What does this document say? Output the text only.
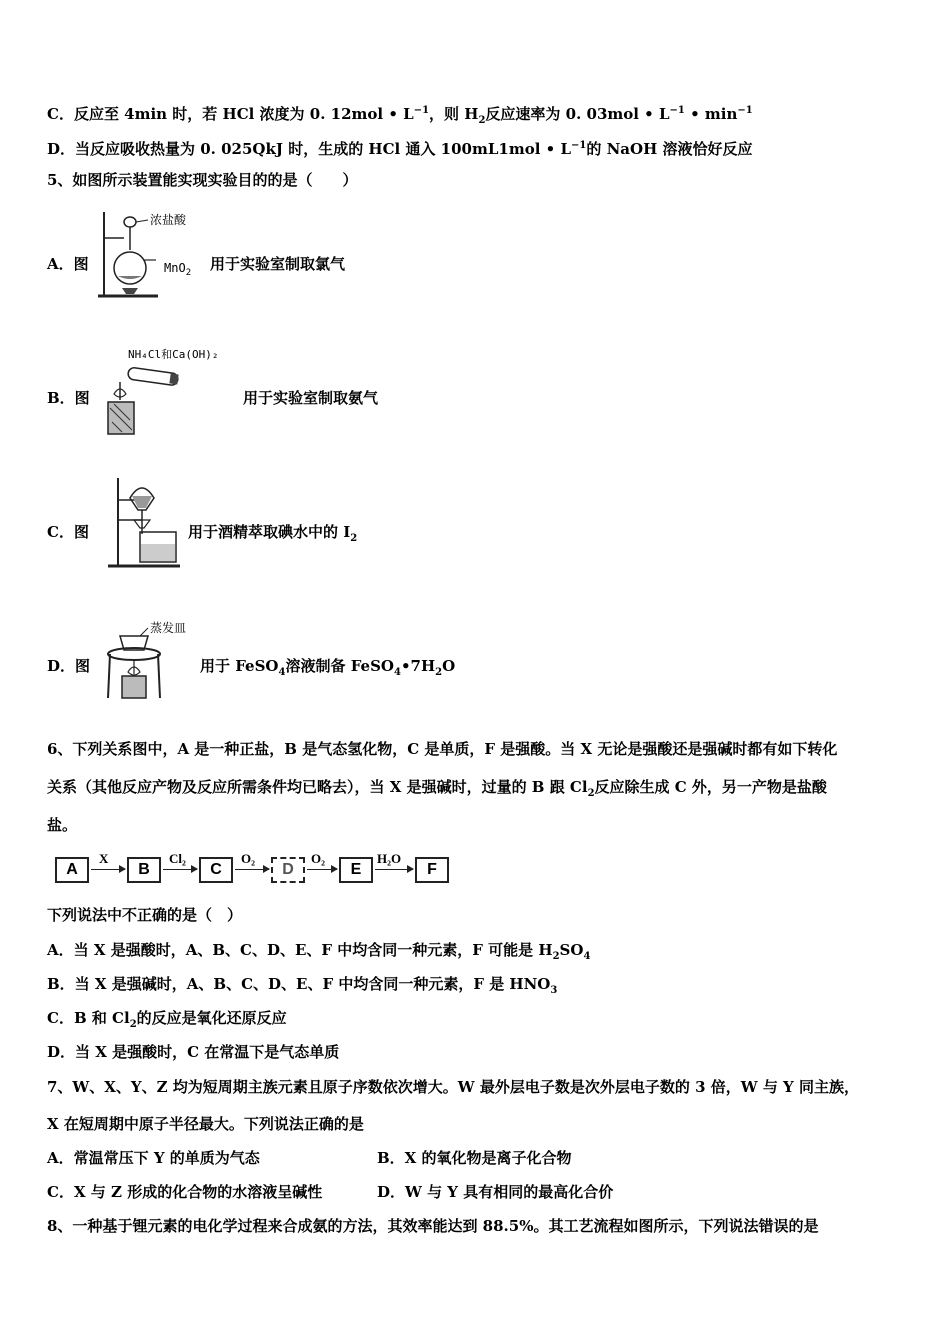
C．反应至 4min 时，若 HCl 浓度为 0. 12mol • $L^{-1}$，则 $H_2$反应速率为 0. 03mol • $L^{-1}$ • $\min^{-1}$
D．当反应吸收热量为 0. 025QkJ 时，生成的 HCl 通入 100mL1mol • $L^{-1}$的 NaOH 溶液恰好反应
5、如图所示装置能实现实验目的的是（　　）
A．图
浓盐酸
MnO$_2$ 用于实验室制取氯气
B．图
NH₄Cl和Ca(OH)₂
用于实验室制取氨气
C．图	用于酒精萃取碘水中的 $I_2$
D．图
蒸发皿
用于 FeSO$_4$溶液制备 $FeSO_4•7H_2O$
6、下列关系图中，A 是一种正盐，B 是气态氢化物，C 是单质，F 是强酸。当 X 无论是强酸还是强碱时都有如下转化
关系（其他反应产物及反应所需条件均已略去），当 X 是强碱时，过量的 B 跟 $Cl_2$反应除生成 C 外，另一产物是盐酸
盐。
A
X
B
Cl₂
C
O₂
D
O₂
E
H₂O
F
下列说法中不正确的是（　）
A．当 X 是强酸时，A、B、C、D、E、F 中均含同一种元素，F 可能是 $H_2SO_4$
B．当 X 是强碱时，A、B、C、D、E、F 中均含同一种元素，F 是 $HNO_3$
C．B 和 $Cl_2$的反应是氧化还原反应
D．当 X 是强酸时，C 在常温下是气态单质
7、W、X、Y、Z 均为短周期主族元素且原子序数依次增大。W 最外层电子数是次外层电子数的 3 倍，W 与 Y 同主族，
X 在短周期中原子半径最大。下列说法正确的是
A．常温常压下 Y 的单质为气态	B．X 的氧化物是离子化合物
C．X 与 Z 形成的化合物的水溶液呈碱性	D．W 与 Y 具有相同的最高化合价
8、一种基于锂元素的电化学过程来合成氨的方法，其效率能达到 88.5%。其工艺流程如图所示，下列说法错误的是
